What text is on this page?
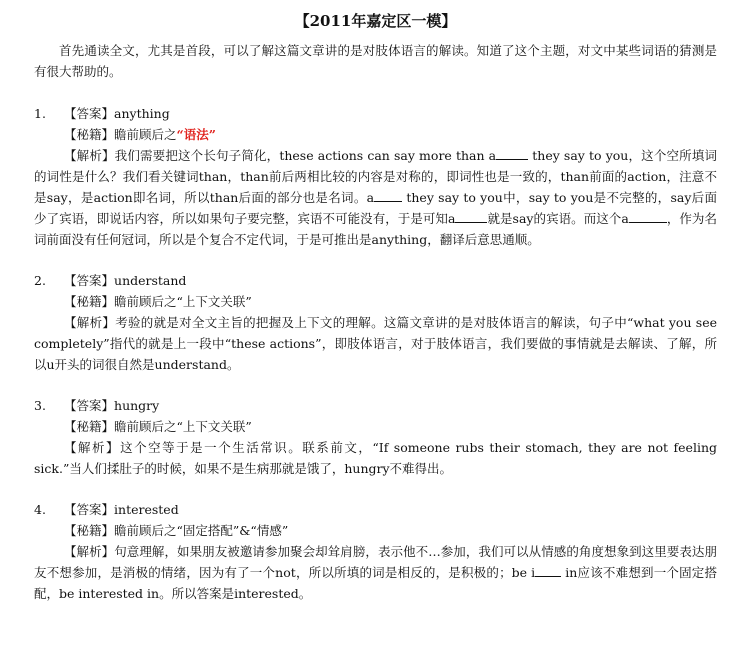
【2011年嘉定区一模】
首先通读全文，尤其是首段，可以了解这篇文章讲的是对肢体语言的解读。知道了这个主题，对文中某些词语的猜测是有很大帮助的。
1. 【答案】anything
【秘籍】瞻前顾后之“语法”
【解析】我们需要把这个长句子简化，these actions can say more than a	they say to you，这个空所填词的词性是什么？我们看关键词than，than前后两相比较的内容是对称的，即词性也是一致的，than前面的action，注意不是say，是action即名词，所以than后面的部分也是名词。a they say to you中，say to you是不完整的，say后面少了宾语，即说话内容，所以如果句子要完整，宾语不可能没有，于是可知a	就是say的宾语。而这个a	，作为名词前面没有任何冠词，所以是个复合不定代词，于是可推出是anything，翻译后意思通顺。
2. 【答案】understand
【秘籍】瞻前顾后之“上下文关联”
【解析】考验的就是对全文主旨的把握及上下文的理解。这篇文章讲的是对肢体语言的解读，句子中“what you see completely”指代的就是上一段中“these actions”，即肢体语言，对于肢体语言，我们要做的事情就是去解读、了解，所以u开头的词很自然是understand。
3. 【答案】hungry
【秘籍】瞻前顾后之“上下文关联”
【解析】这个空等于是一个生活常识。联系前文，“If someone rubs their stomach, they are not feeling sick.”当人们揉肚子的时候，如果不是生病那就是饿了，hungry不难得出。
4. 【答案】interested
【秘籍】瞻前顾后之“固定搭配”&“情感”
【解析】句意理解，如果朋友被邀请参加聚会却耸肩膀，表示他不…参加，我们可以从情感的角度想象到这里要表达朋友不想参加，是消极的情绪，因为有了一个not，所以所填的词是相反的，是积极的；be i in应该不难想到一个固定搭配，be interested in。所以答案是interested。
